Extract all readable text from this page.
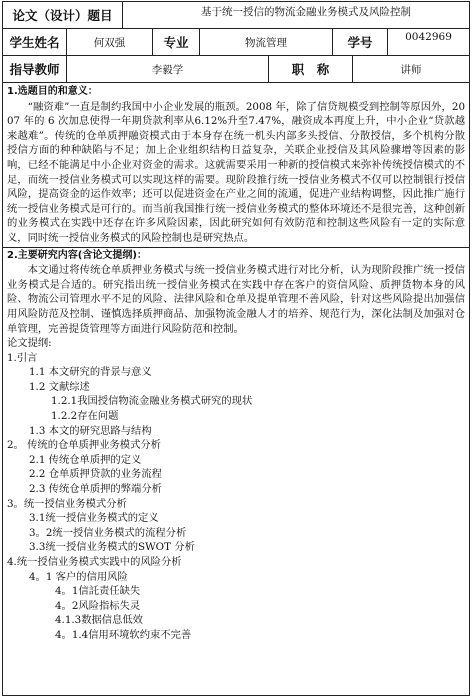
论文（设计）题目	基于统一授信的物流金融业务模式及风险控制
学生姓名	何双强	专业	物流管理	学号	0042969
指导教师	李毅学	职　称	讲师
1.选题目的和意义：

“融资难”一直是制约我国中小企业发展的瓶颈。2008 年，除了信贷规模受到控制等原因外，2007 年的 6 次加息使得一年期贷款利率从6.12%升至7.47%，融资成本再度上升，中小企业“贷款越来越难”。传统的仓单质押融资模式由于本身存在统一机头内部多头授信、分散授信，多个机构分散授信方面的种种缺陷与不足；加上企业组织结构日益复杂，关联企业授信及其风险骤增等因素的影响，已经不能满足中小企业对资金的需求。这就需要采用一种新的授信模式来弥补传统授信模式的不足，而统一授信业务模式可以实现这样的需要。现阶段推行统一授信业务模式不仅可以控制银行授信风险，提高资金的运作效率；还可以促进资金在产业之间的流通，促进产业结构调整，因此推广施行统一授信业务模式是可行的。而当前我国推行统一授信业务模式的整体环境还不是很完善，这种创新的业务模式在实践中还存在许多风险因素，因此研究如何有效防范和控制这些风险有一定的实际意义，同时统一授信业务模式的风险控制也是研究热点。

2.主要研究内容(含论文提纲)：

本文通过将传统仓单质押业务模式与统一授信业务模式进行对比分析，认为现阶段推广统一授信业务模式是合适的。研究指出统一授信业务模式在实践中存在客户的资信风险、质押货物本身的风险、物流公司管理水平不足的风险、法律风险和仓单及提单管理不善风险，针对这些风险提出加强信用风险防范及控制、谨慎选择质押商品、加强物流金融人才的培养、规范行为，深化法制及加强对仓单管理，完善提货管理等方面进行风险防范和控制。

论文提纲:
1.引言
1.1 本文研究的背景与意义
1.2 文献综述
1.2.1我国授信物流金融业务模式研究的现状
1.2.2存在问题
1.3 本文的研究思路与结构
2。 传统的仓单质押业务模式分析
2.1 传统仓单质押的定义
2.2 仓单质押贷款的业务流程
2.3 传统仓单质押的弊端分析
3。统一授信业务模式分析
3.1统一授信业务模式的定义
3。2统一授信业务模式的流程分析
3.3统一授信业务模式的SWOT 分析
4.统一授信业务模式实践中的风险分析
4。1 客户的信用风险
4。1信託责任缺失
4。2风险指标失灵
4.1.3数据信息低效
4。1.4信用环境软约束不完善
